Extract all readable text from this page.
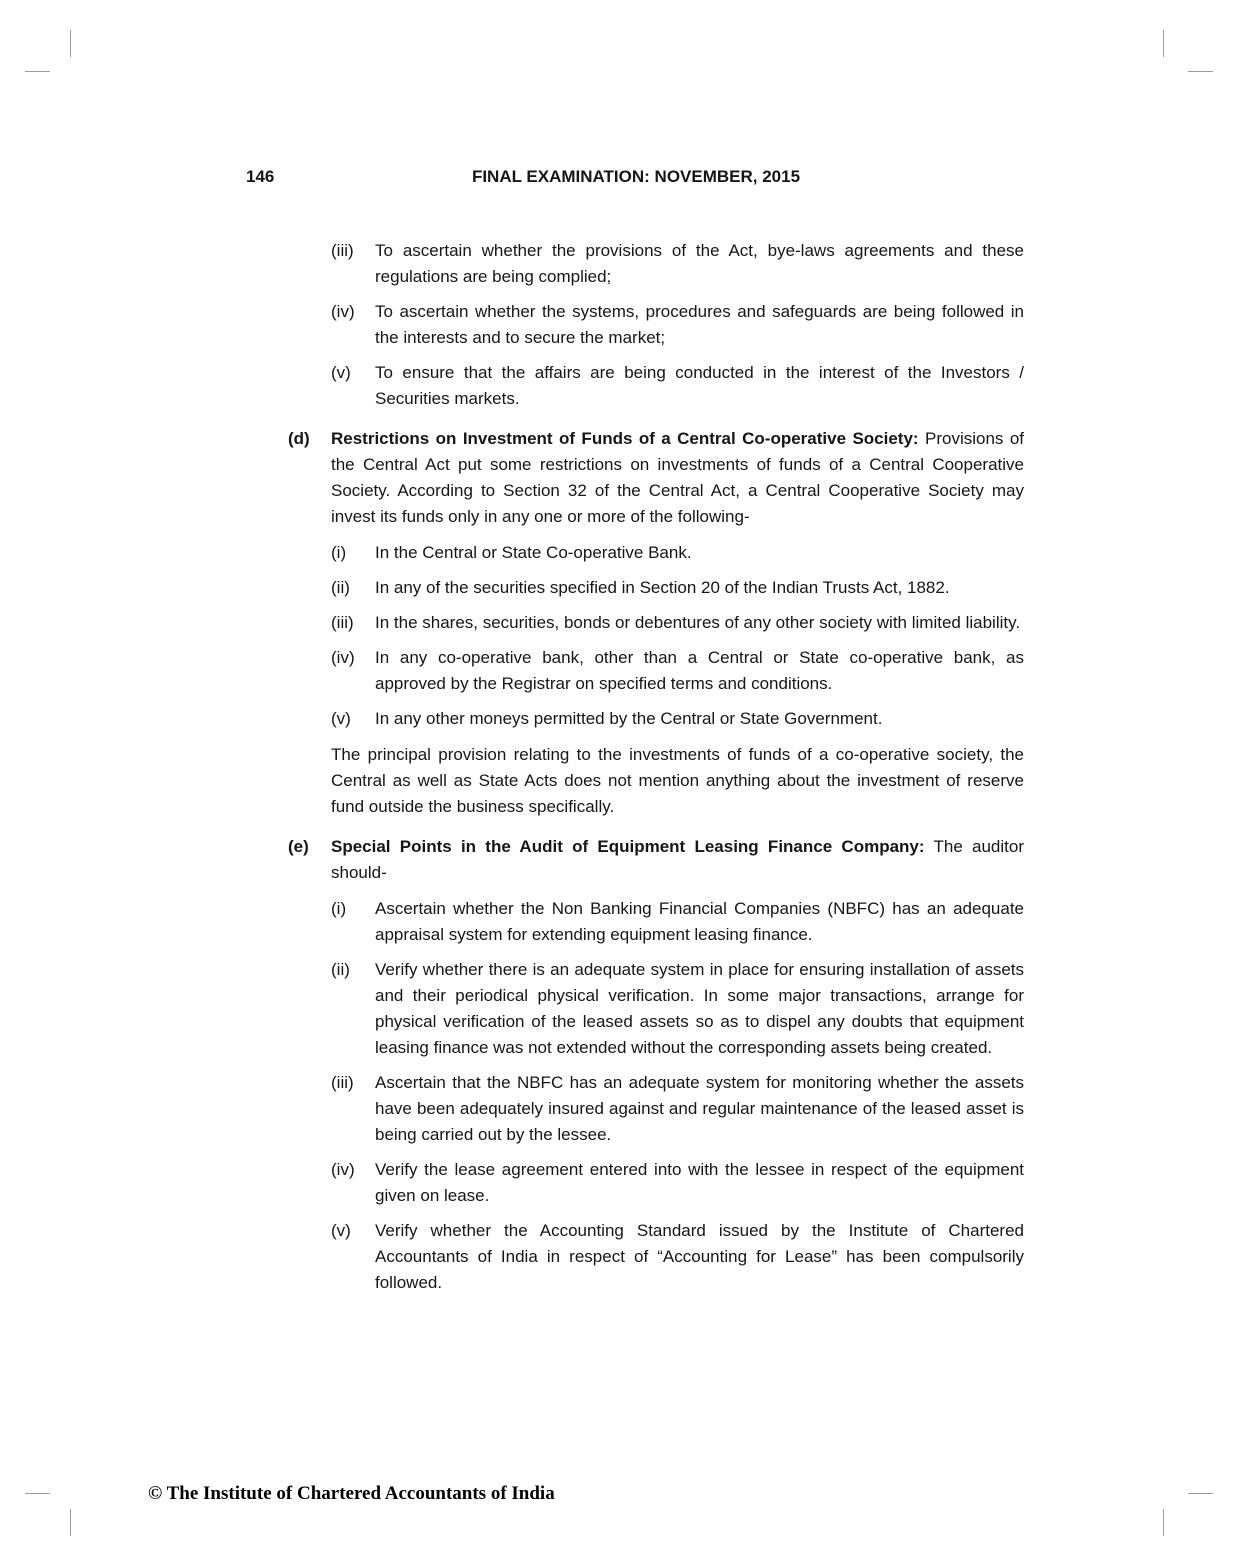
146	FINAL EXAMINATION: NOVEMBER, 2015
(iii)	To ascertain whether the provisions of the Act, bye-laws agreements and these regulations are being complied;
(iv)	To ascertain whether the systems, procedures and safeguards are being followed in the interests and to secure the market;
(v)	To ensure that the affairs are being conducted in the interest of the Investors / Securities markets.
(d)	Restrictions on Investment of Funds of a Central Co-operative Society: Provisions of the Central Act put some restrictions on investments of funds of a Central Cooperative Society. According to Section 32 of the Central Act, a Central Cooperative Society may invest its funds only in any one or more of the following-

(i)	In the Central or State Co-operative Bank.
(ii)	In any of the securities specified in Section 20 of the Indian Trusts Act, 1882.
(iii)	In the shares, securities, bonds or debentures of any other society with limited liability.
(iv)	In any co-operative bank, other than a Central or State co-operative bank, as approved by the Registrar on specified terms and conditions.
(v)	In any other moneys permitted by the Central or State Government.

The principal provision relating to the investments of funds of a co-operative society, the Central as well as State Acts does not mention anything about the investment of reserve fund outside the business specifically.

(e)	Special Points in the Audit of Equipment Leasing Finance Company: The auditor should-

(i)	Ascertain whether the Non Banking Financial Companies (NBFC) has an adequate appraisal system for extending equipment leasing finance.
(ii)	Verify whether there is an adequate system in place for ensuring installation of assets and their periodical physical verification. In some major transactions, arrange for physical verification of the leased assets so as to dispel any doubts that equipment leasing finance was not extended without the corresponding assets being created.
(iii)	Ascertain that the NBFC has an adequate system for monitoring whether the assets have been adequately insured against and regular maintenance of the leased asset is being carried out by the lessee.
(iv)	Verify the lease agreement entered into with the lessee in respect of the equipment given on lease.
(v)	Verify whether the Accounting Standard issued by the Institute of Chartered Accountants of India in respect of “Accounting for Lease” has been compulsorily followed.
© The Institute of Chartered Accountants of India
